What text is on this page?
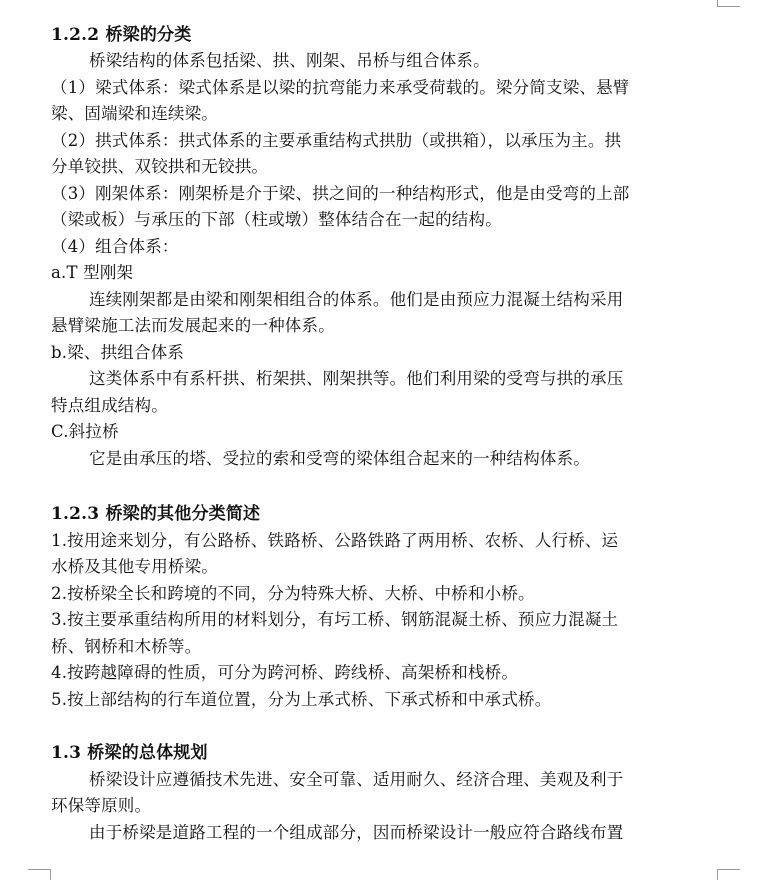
1.2.2 桥梁的分类
桥梁结构的体系包括梁、拱、刚架、吊桥与组合体系。
（1）梁式体系：梁式体系是以梁的抗弯能力来承受荷载的。梁分简支梁、悬臂
梁、固端梁和连续梁。
（2）拱式体系：拱式体系的主要承重结构式拱肋（或拱箱），以承压为主。拱
分单铰拱、双铰拱和无铰拱。
（3）刚架体系：刚架桥是介于梁、拱之间的一种结构形式，他是由受弯的上部
（梁或板）与承压的下部（柱或墩）整体结合在一起的结构。
（4）组合体系：
a.T 型刚架
连续刚架都是由梁和刚架相组合的体系。他们是由预应力混凝土结构采用
悬臂梁施工法而发展起来的一种体系。
b.梁、拱组合体系
这类体系中有系杆拱、桁架拱、刚架拱等。他们利用梁的受弯与拱的承压
特点组成结构。
C.斜拉桥
它是由承压的塔、受拉的索和受弯的梁体组合起来的一种结构体系。
1.2.3 桥梁的其他分类简述
1.按用途来划分，有公路桥、铁路桥、公路铁路了两用桥、农桥、人行桥、运
水桥及其他专用桥梁。
2.按桥梁全长和跨境的不同，分为特殊大桥、大桥、中桥和小桥。
3.按主要承重结构所用的材料划分，有圬工桥、钢筋混凝土桥、预应力混凝土
桥、钢桥和木桥等。
4.按跨越障碍的性质，可分为跨河桥、跨线桥、高架桥和栈桥。
5.按上部结构的行车道位置，分为上承式桥、下承式桥和中承式桥。
1.3 桥梁的总体规划
桥梁设计应遵循技术先进、安全可靠、适用耐久、经济合理、美观及利于
环保等原则。
由于桥梁是道路工程的一个组成部分，因而桥梁设计一般应符合路线布置
